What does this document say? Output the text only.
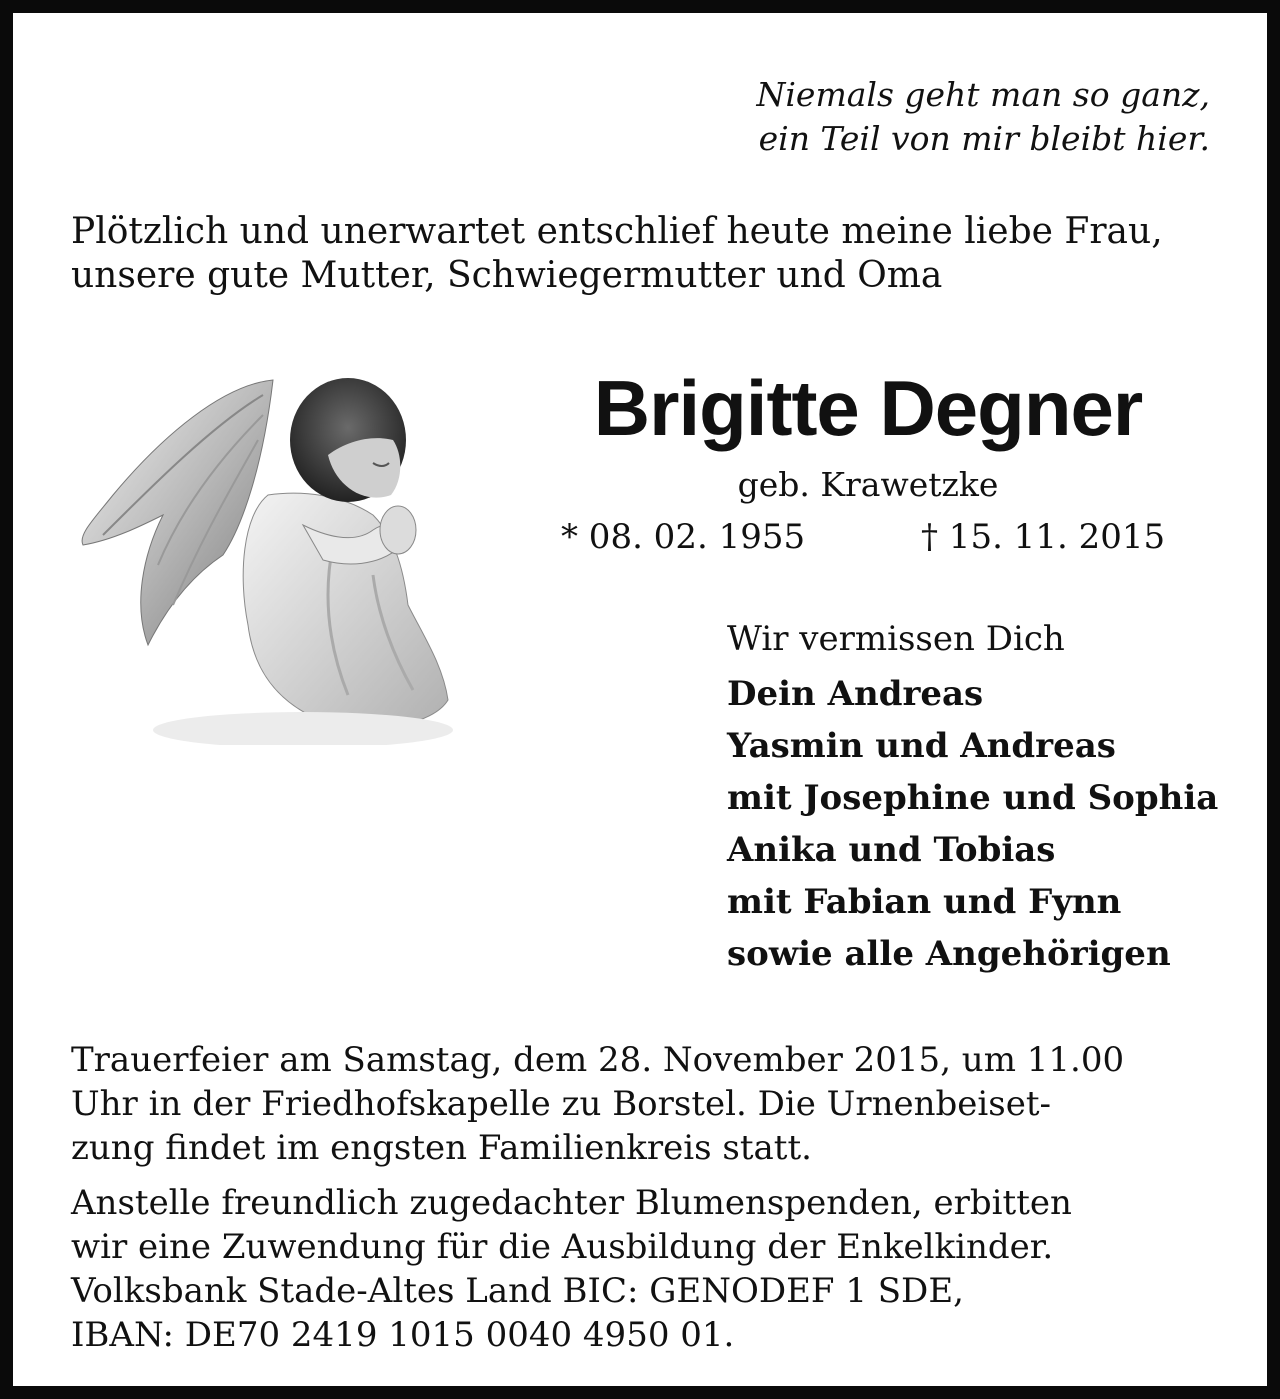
Niemals geht man so ganz,
ein Teil von mir bleibt hier.
Plötzlich und unerwartet entschlief heute meine liebe Frau,
unsere gute Mutter, Schwiegermutter und Oma
Brigitte Degner
geb. Krawetzke
* 08. 02. 1955	† 15. 11. 2015
Wir vermissen Dich
Dein Andreas
Yasmin und Andreas
mit Josephine und Sophia
Anika und Tobias
mit Fabian und Fynn
sowie alle Angehörigen
Trauerfeier am Samstag, dem 28. November 2015, um 11.00
Uhr in der Friedhofskapelle zu Borstel. Die Urnenbeiset-
zung findet im engsten Familienkreis statt.
Anstelle freundlich zugedachter Blumenspenden, erbitten
wir eine Zuwendung für die Ausbildung der Enkelkinder.
Volksbank Stade-Altes Land BIC: GENODEF 1 SDE,
IBAN: DE70 2419 1015 0040 4950 01.
